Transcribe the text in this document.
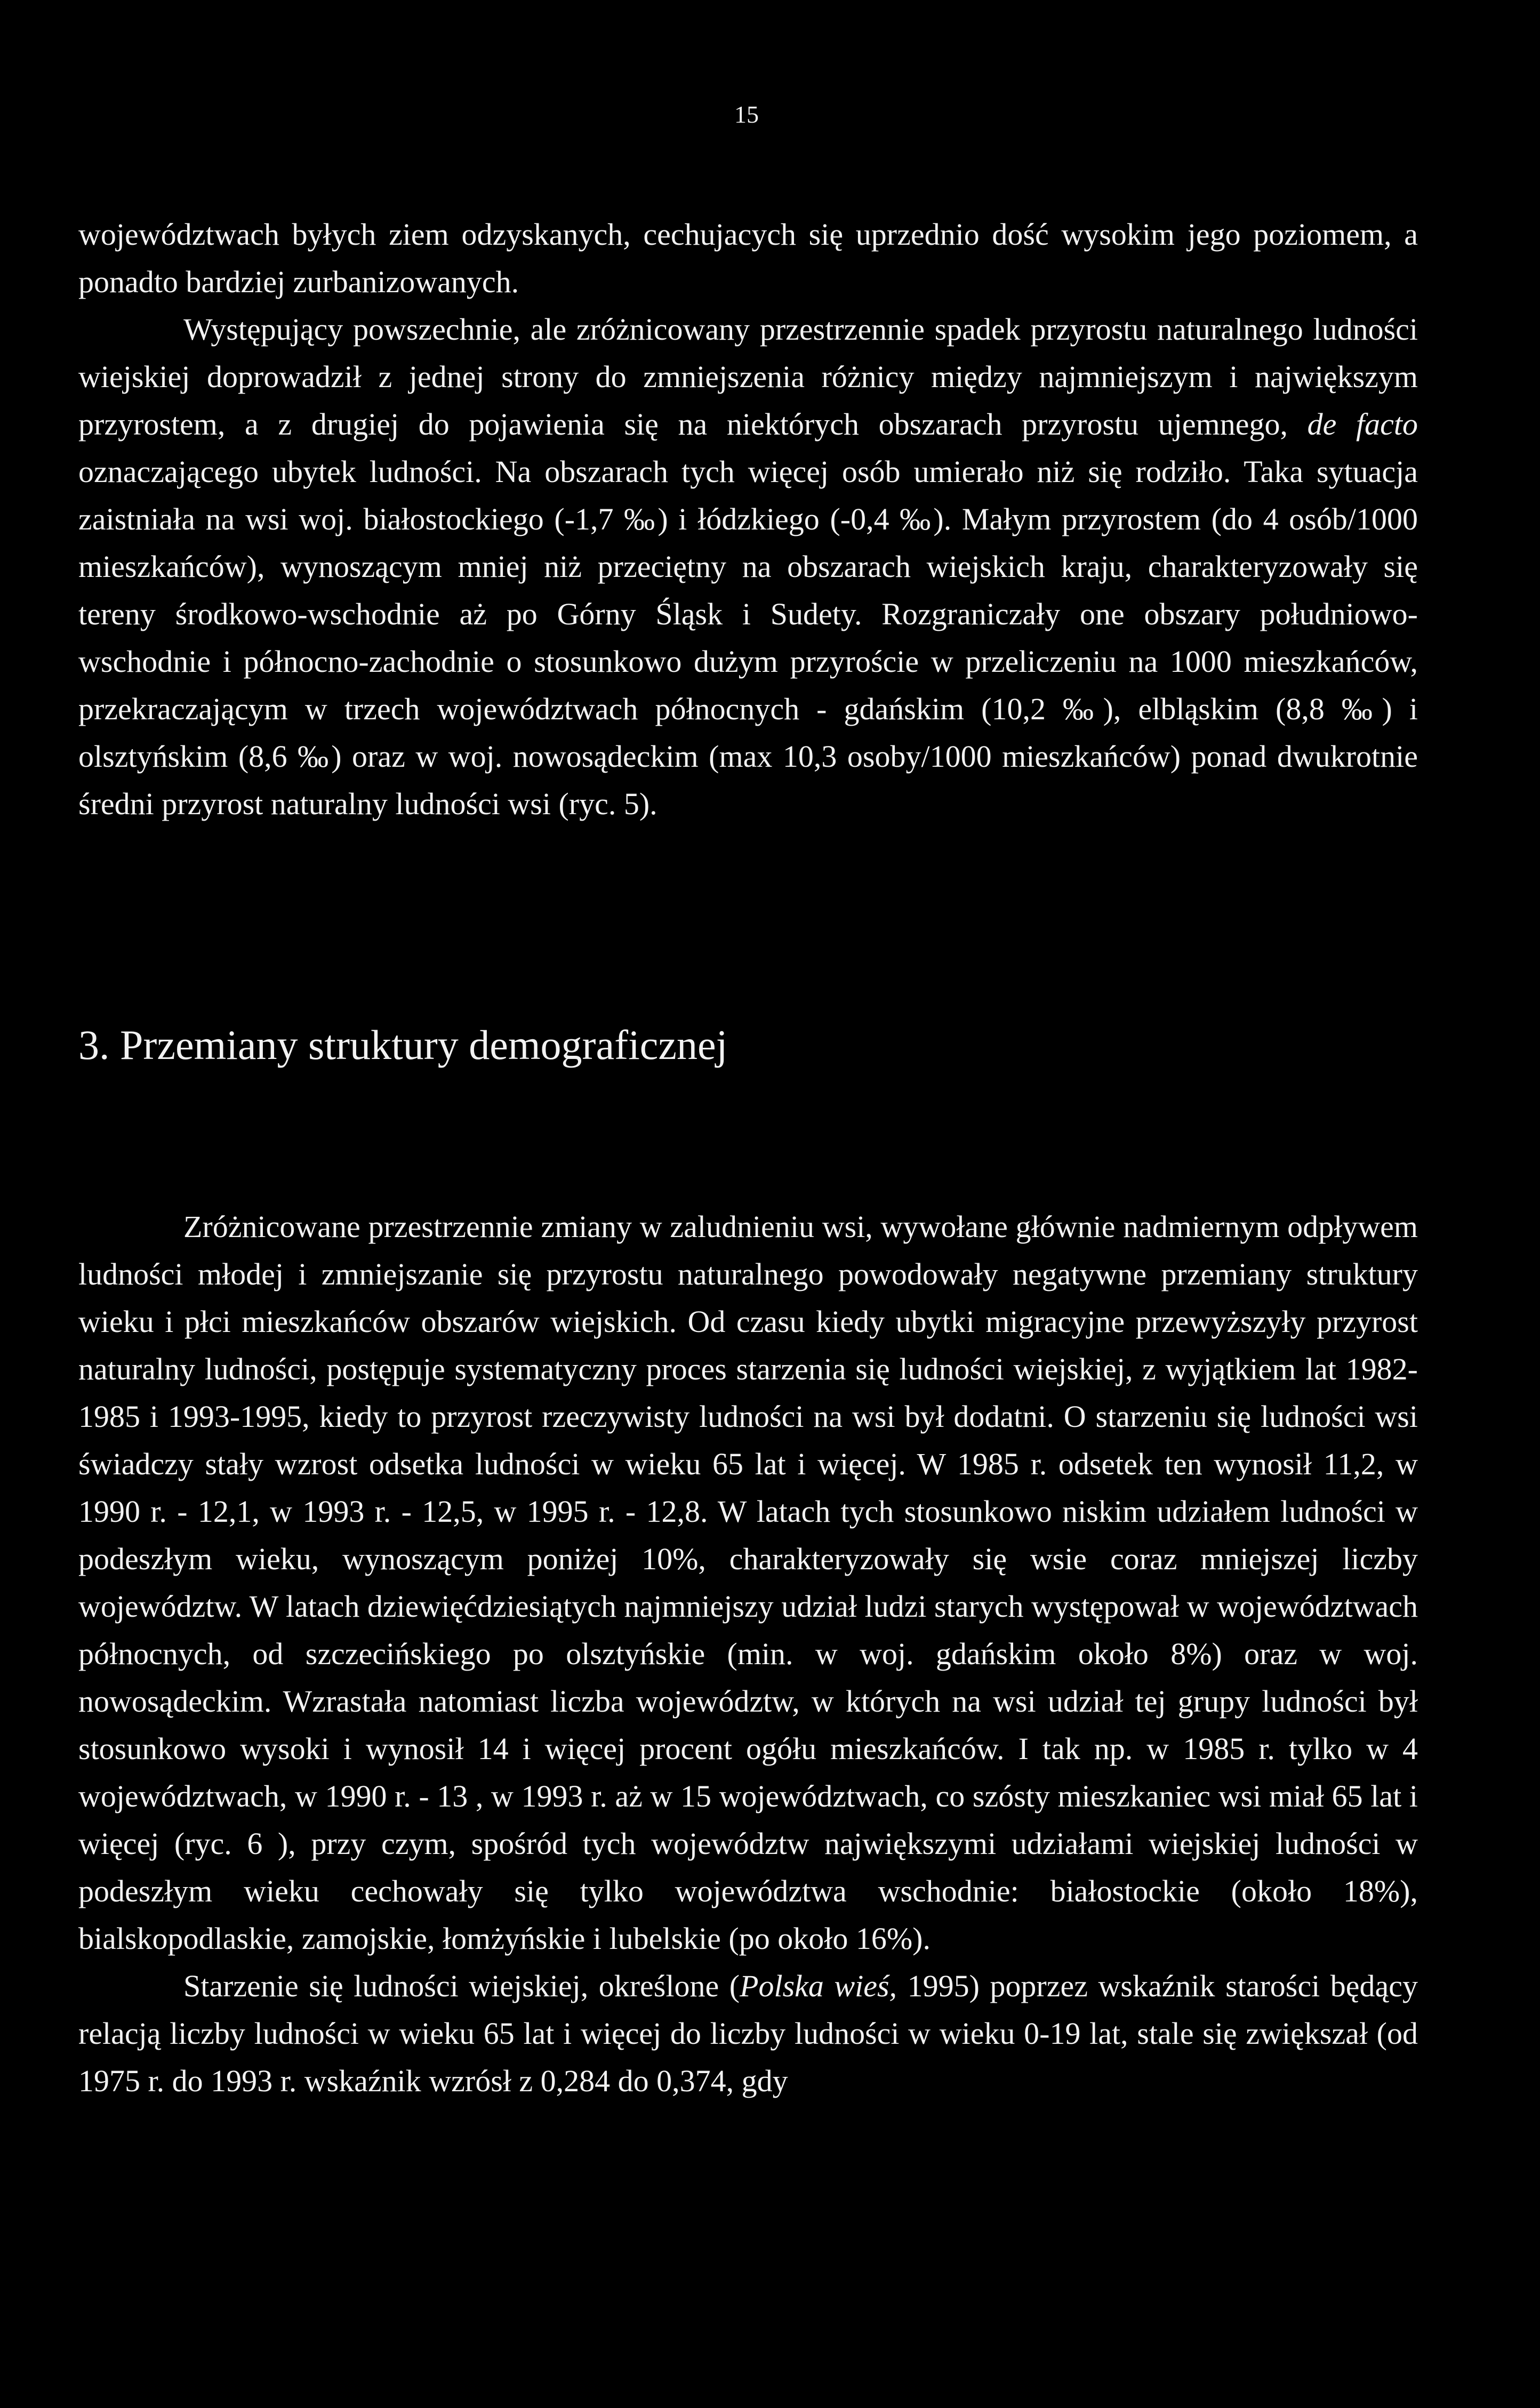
15

województwach byłych ziem odzyskanych, cechujacych się uprzednio dość wysokim jego poziomem, a ponadto bardziej zurbanizowanych.

Występujący powszechnie, ale zróżnicowany przestrzennie spadek przyrostu naturalnego ludności wiejskiej doprowadził z jednej strony do zmniejszenia różnicy między najmniejszym i największym przyrostem, a z drugiej do pojawienia się na niektórych obszarach przyrostu ujemnego, de facto oznaczającego ubytek ludności. Na obszarach tych więcej osób umierało niż się rodziło. Taka sytuacja zaistniała na wsi woj. białostockiego (-1,7 ‰) i łódzkiego (-0,4 ‰). Małym przyrostem (do 4 osób/1000 mieszkańców), wynoszącym mniej niż przeciętny na obszarach wiejskich kraju, charakteryzowały się tereny środkowo-wschodnie aż po Górny Śląsk i Sudety. Rozgraniczały one obszary południowo-wschodnie i północno-zachodnie o stosunkowo dużym przyroście w przeliczeniu na 1000 mieszkańców, przekraczającym w trzech województwach północnych - gdańskim (10,2 ‰), elbląskim (8,8 ‰) i olsztyńskim (8,6 ‰) oraz w woj. nowosądeckim (max 10,3 osoby/1000 mieszkańców) ponad dwukrotnie średni przyrost naturalny ludności wsi (ryc. 5).

3. Przemiany struktury demograficznej

Zróżnicowane przestrzennie zmiany w zaludnieniu wsi, wywołane głównie nadmiernym odpływem ludności młodej i zmniejszanie się przyrostu naturalnego powodowały negatywne przemiany struktury wieku i płci mieszkańców obszarów wiejskich. Od czasu kiedy ubytki migracyjne przewyższyły przyrost naturalny ludności, postępuje systematyczny proces starzenia się ludności wiejskiej, z wyjątkiem lat 1982-1985 i 1993-1995, kiedy to przyrost rzeczywisty ludności na wsi był dodatni. O starzeniu się ludności wsi świadczy stały wzrost odsetka ludności w wieku 65 lat i więcej. W 1985 r. odsetek ten wynosił 11,2, w 1990 r. - 12,1, w 1993 r. - 12,5, w 1995 r. - 12,8. W latach tych stosunkowo niskim udziałem ludności w podeszłym wieku, wynoszącym poniżej 10%, charakteryzowały się wsie coraz mniejszej liczby województw. W latach dziewięćdziesiątych najmniejszy udział ludzi starych występował w województwach północnych, od szczecińskiego po olsztyńskie (min. w woj. gdańskim około 8%) oraz w woj. nowosądeckim. Wzrastała natomiast liczba województw, w których na wsi udział tej grupy ludności był stosunkowo wysoki i wynosił 14 i więcej procent ogółu mieszkańców. I tak np. w 1985 r. tylko w 4 województwach, w 1990 r. - 13 , w 1993 r. aż w 15 województwach, co szósty mieszkaniec wsi miał 65 lat i więcej (ryc. 6 ), przy czym, spośród tych województw największymi udziałami wiejskiej ludności w podeszłym wieku cechowały się tylko województwa wschodnie: białostockie (około 18%), bialskopodlaskie, zamojskie, łomżyńskie i lubelskie (po około 16%).

Starzenie się ludności wiejskiej, określone (Polska wieś, 1995) poprzez wskaźnik starości będący relacją liczby ludności w wieku 65 lat i więcej do liczby ludności w wieku 0-19 lat, stale się zwiększał (od 1975 r. do 1993 r. wskaźnik wzrósł z 0,284 do 0,374, gdy
